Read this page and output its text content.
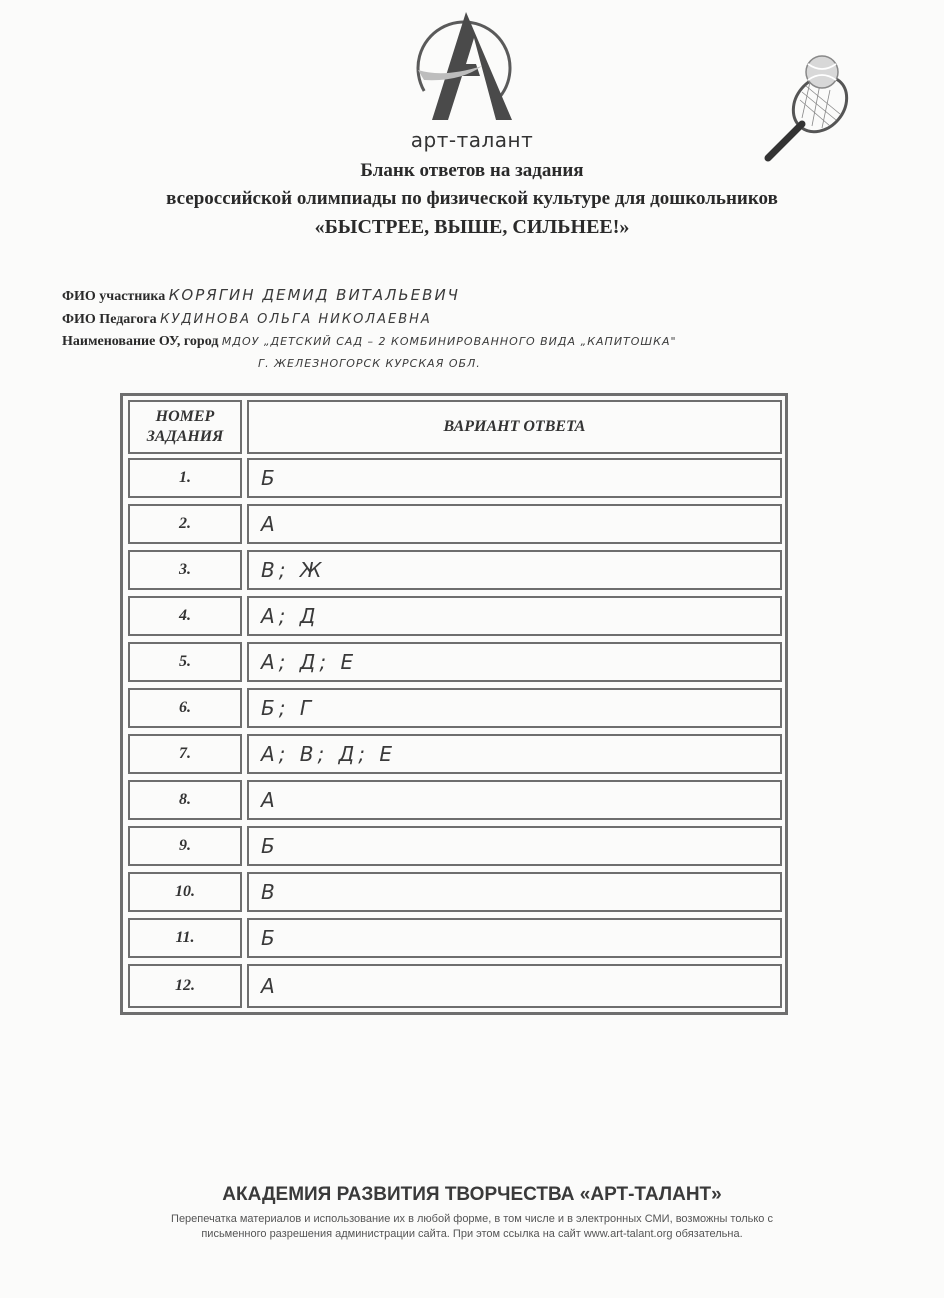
арт-талант
Бланк ответов на задания
всероссийской олимпиады по физической культуре для дошкольников
«БЫСТРЕЕ, ВЫШЕ, СИЛЬНЕЕ!»
ФИО участника КОРЯГИН ДЕМИД ВИТАЛЬЕВИЧ
ФИО Педагога КУДИНОВА ОЛЬГА НИКОЛАЕВНА
Наименование ОУ, город МДОУ „ДЕТСКИЙ САД – 2 КОМБИНИРОВАННОГО ВИДА „КАПИТОШКА"
Г. ЖЕЛЕЗНОГОРСК КУРСКАЯ ОБЛ.
НОМЕР
ЗАДАНИЯ
ВАРИАНТ ОТВЕТА
1.	Б
2.	А
3.	В; Ж
4.	А; Д
5.	А; Д; Е
6.	Б; Г
7.	А; В; Д; Е
8.	А
9.	Б
10.	В
11.	Б
12.	А
АКАДЕМИЯ РАЗВИТИЯ ТВОРЧЕСТВА «АРТ-ТАЛАНТ»
Перепечатка материалов и использование их в любой форме, в том числе и в электронных СМИ, возможны только с
письменного разрешения администрации сайта. При этом ссылка на сайт www.art-talant.org обязательна.
